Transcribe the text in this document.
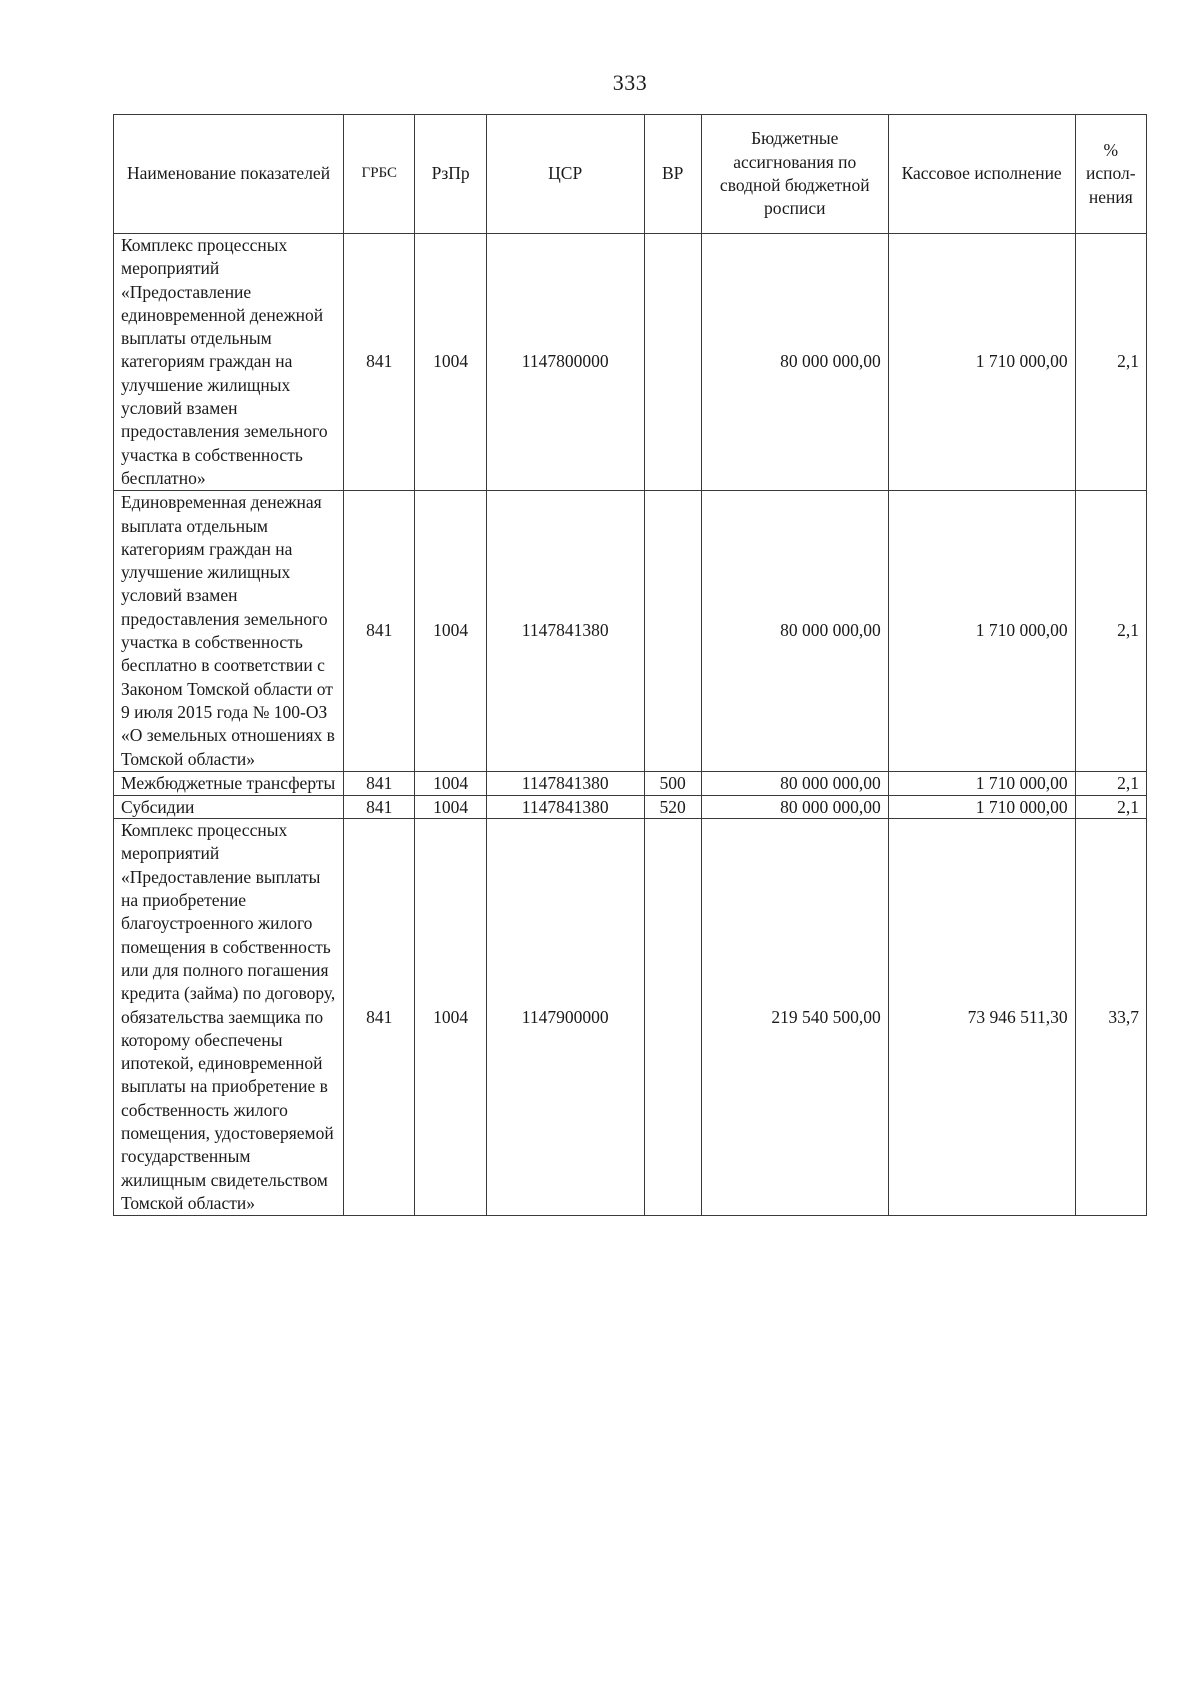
333
Наименование показателей	ГРБС	РзПр	ЦСР	ВР	Бюджетные ассигнования по сводной бюджетной росписи	Кассовое исполнение	% испол-нения
Комплекс процессных мероприятий «Предоставление единовременной денежной выплаты отдельным категориям граждан на улучшение жилищных условий взамен предоставления земельного участка в собственность бесплатно»	841	1004	1147800000		80 000 000,00	1 710 000,00	2,1
Единовременная денежная выплата отдельным категориям граждан на улучшение жилищных условий взамен предоставления земельного участка в собственность бесплатно в соответствии с Законом Томской области от 9 июля 2015 года № 100-ОЗ «О земельных отношениях в Томской области»	841	1004	1147841380		80 000 000,00	1 710 000,00	2,1
Межбюджетные трансферты	841	1004	1147841380	500	80 000 000,00	1 710 000,00	2,1
Субсидии	841	1004	1147841380	520	80 000 000,00	1 710 000,00	2,1
Комплекс процессных мероприятий «Предоставление выплаты на приобретение благоустроенного жилого помещения в собственность или для полного погашения кредита (займа) по договору, обязательства заемщика по которому обеспечены ипотекой, единовременной выплаты на приобретение в собственность жилого помещения, удостоверяемой государственным жилищным свидетельством Томской области»	841	1004	1147900000		219 540 500,00	73 946 511,30	33,7
